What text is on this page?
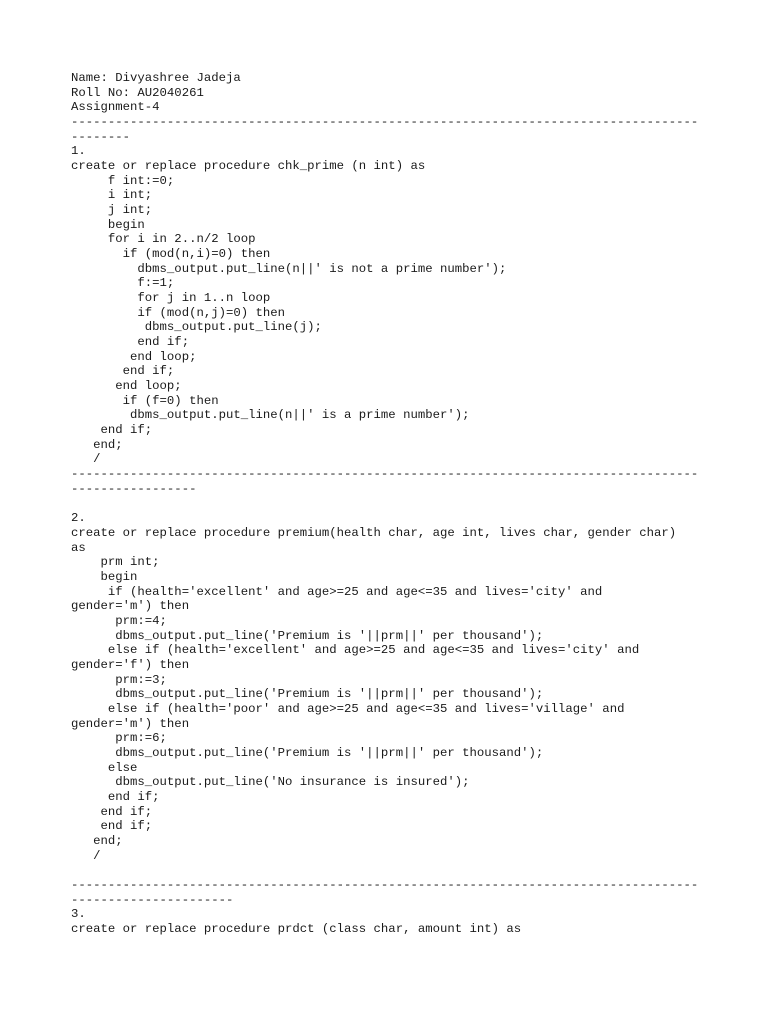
Name: Divyashree Jadeja
Roll No: AU2040261
Assignment-4
-------------------------------------------------------------------------------------
--------
1.
create or replace procedure chk_prime (n int) as
f int:=0;
i int;
j int;
begin
for i in 2..n/2 loop
if (mod(n,i)=0) then
dbms_output.put_line(n||' is not a prime number');
f:=1;
for j in 1..n loop
if (mod(n,j)=0) then
dbms_output.put_line(j);
end if;
end loop;
end if;
end loop;
if (f=0) then
dbms_output.put_line(n||' is a prime number');
end if;
end;
/
-------------------------------------------------------------------------------------
-----------------

2.
create or replace procedure premium(health char, age int, lives char, gender char)
as
prm int;
begin
if (health='excellent' and age>=25 and age<=35 and lives='city' and
gender='m') then
prm:=4;
dbms_output.put_line('Premium is '||prm||' per thousand');
else if (health='excellent' and age>=25 and age<=35 and lives='city' and
gender='f') then
prm:=3;
dbms_output.put_line('Premium is '||prm||' per thousand');
else if (health='poor' and age>=25 and age<=35 and lives='village' and
gender='m') then
prm:=6;
dbms_output.put_line('Premium is '||prm||' per thousand');
else
dbms_output.put_line('No insurance is insured');
end if;
end if;
end if;
end;
/

-------------------------------------------------------------------------------------
----------------------
3.
create or replace procedure prdct (class char, amount int) as
